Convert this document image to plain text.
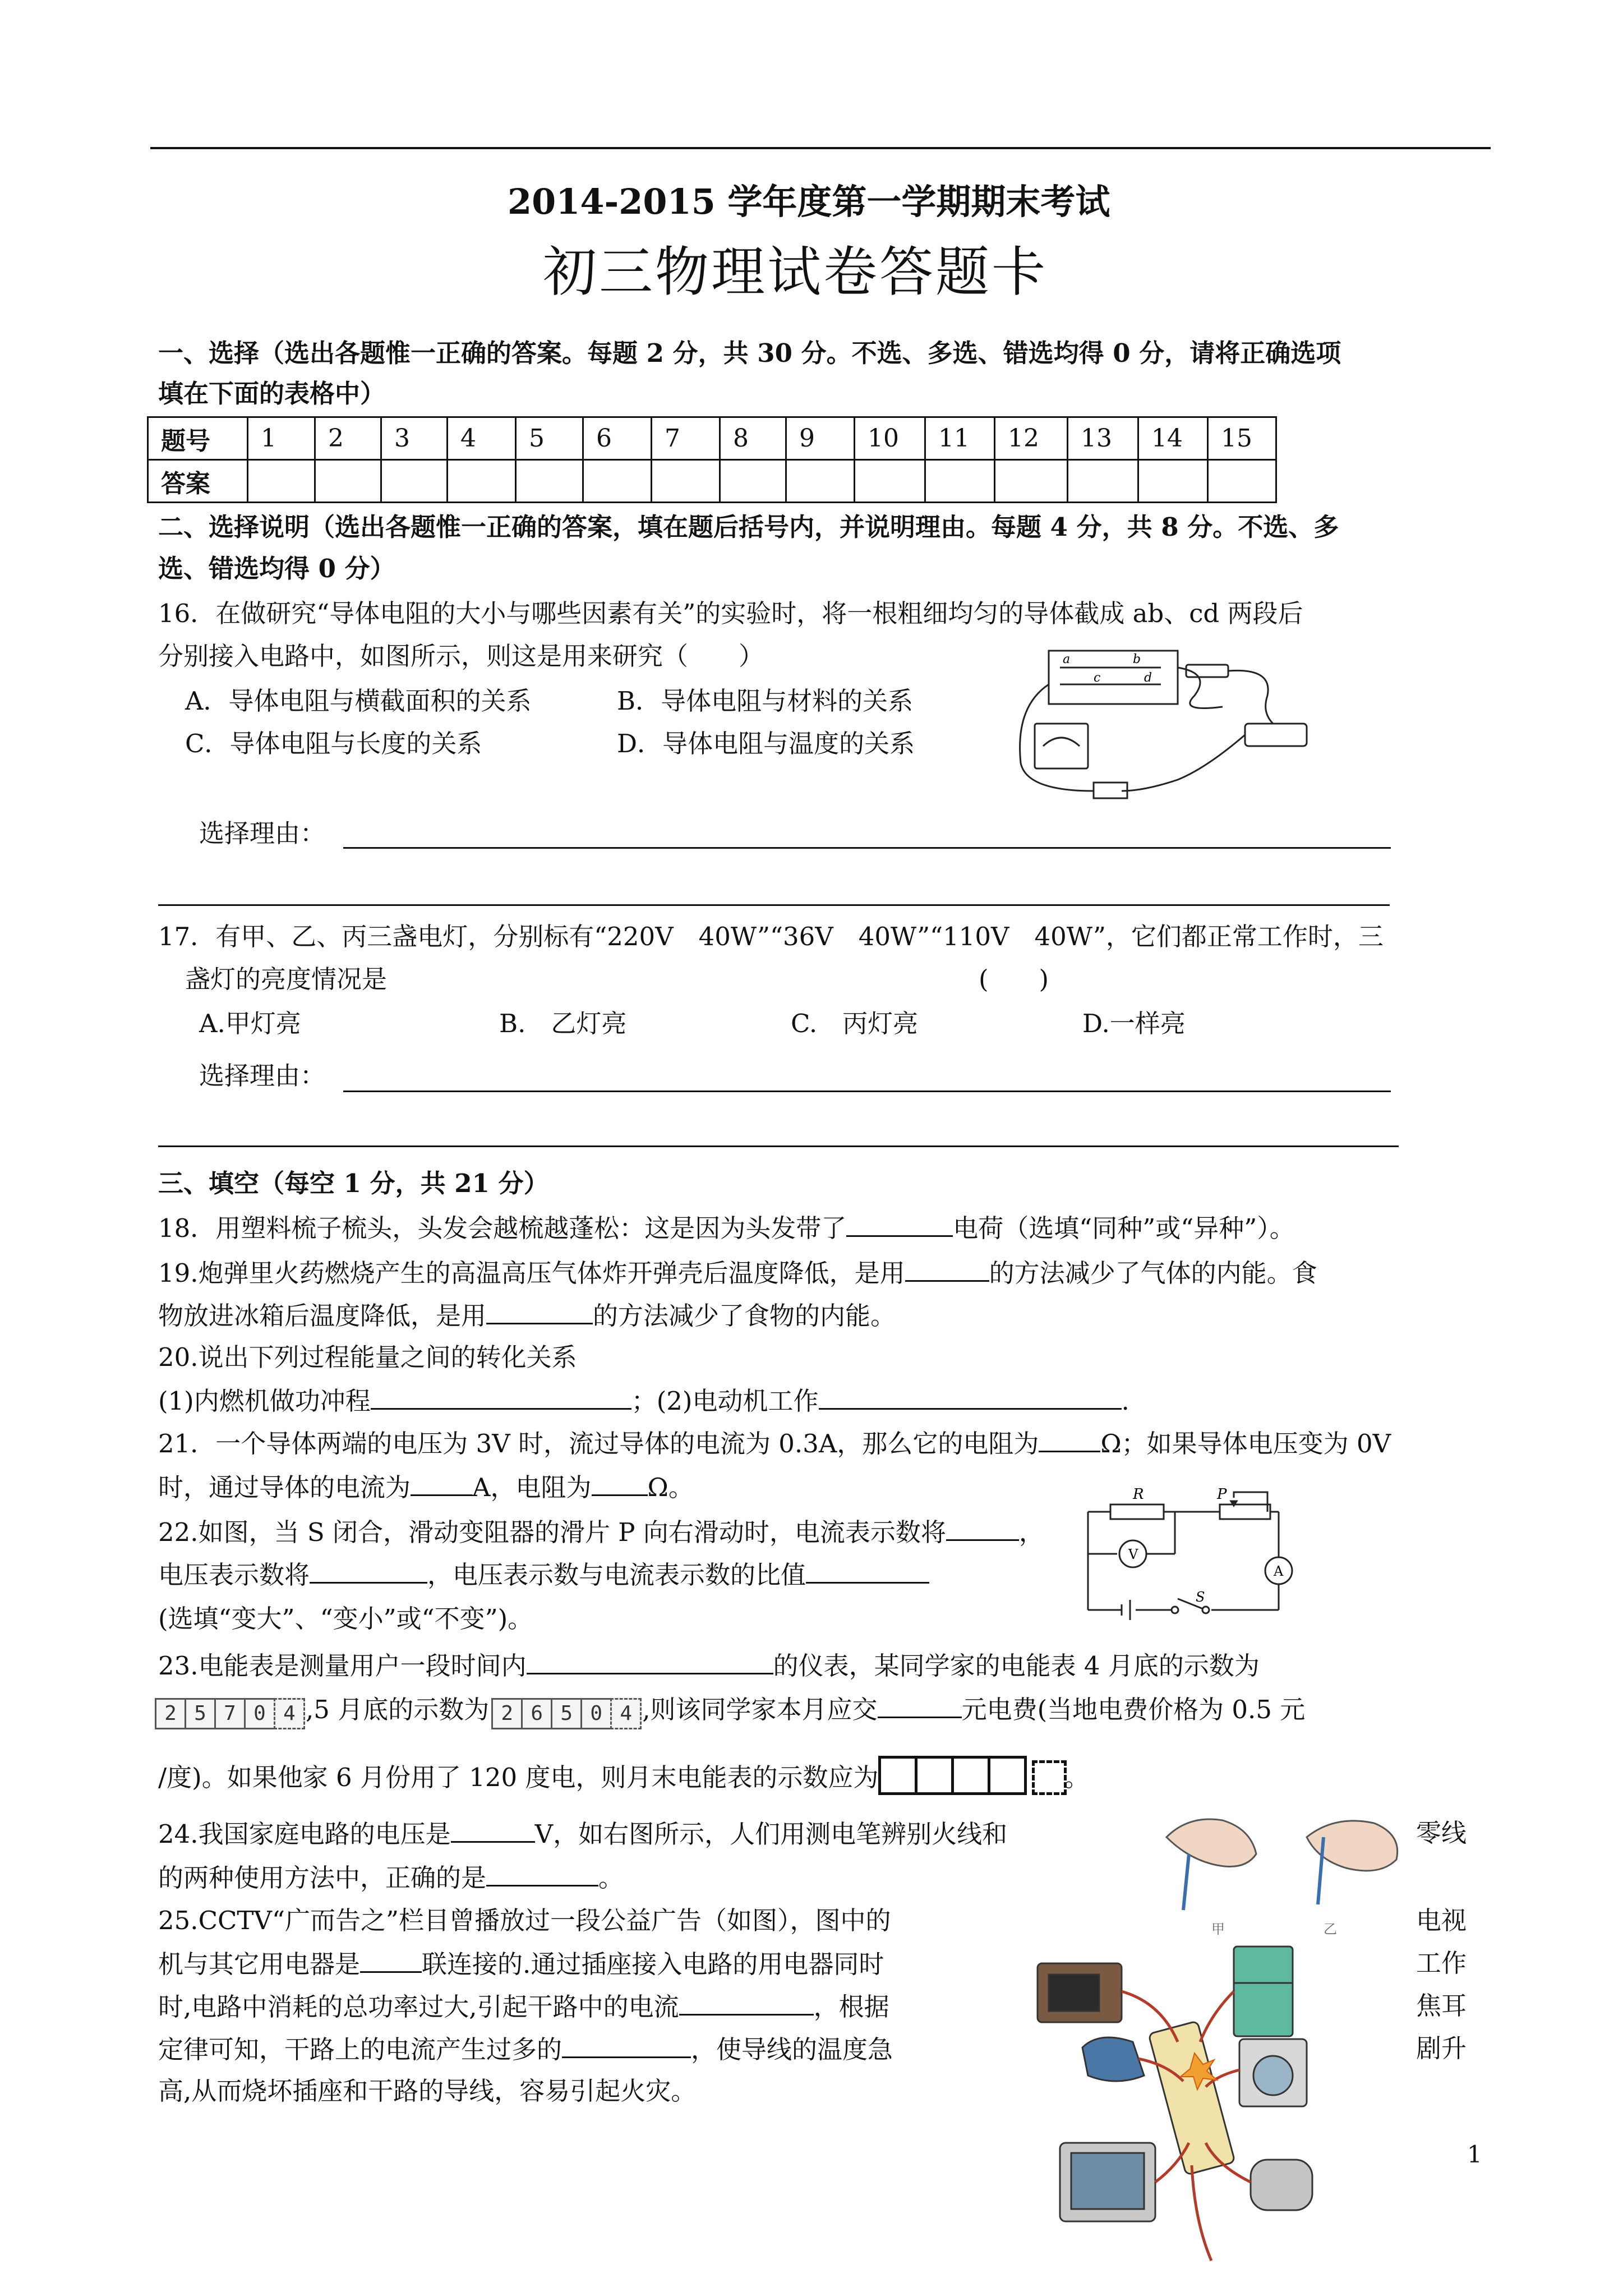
2014-2015 学年度第一学期期末考试
初三物理试卷答题卡
一、选择（选出各题惟一正确的答案。每题 2 分，共 30 分。不选、多选、错选均得 0 分，请将正确选项
填在下面的表格中）
题号	1	2	3	4	5	6	7	8	9	10	11	12	13	14	15
答案															
二、选择说明（选出各题惟一正确的答案，填在题后括号内，并说明理由。每题 4 分，共 8 分。不选、多
选、错选均得 0 分）
16．在做研究“导体电阻的大小与哪些因素有关”的实验时，将一根粗细均匀的导体截成 ab、cd 两段后
分别接入电路中，如图所示，则这是用来研究（　　）
A．导体电阻与横截面积的关系	B．导体电阻与材料的关系
C．导体电阻与长度的关系	D．导体电阻与温度的关系
选择理由：
a	b
c	d
17．有甲、乙、丙三盏电灯，分别标有“220V　40W”“36V　40W”“110V　40W”，它们都正常工作时，三
盏灯的亮度情况是	(　　)
A.甲灯亮	B.　乙灯亮	C.　丙灯亮	D.一样亮
选择理由：
三、填空（每空 1 分，共 21 分）
18．用塑料梳子梳头，头发会越梳越蓬松：这是因为头发带了	电荷（选填“同种”或“异种”）。
19.炮弹里火药燃烧产生的高温高压气体炸开弹壳后温度降低，是用	的方法减少了气体的内能。食
物放进冰箱后温度降低，是用	的方法减少了食物的内能。
20.说出下列过程能量之间的转化关系
(1)内燃机做功冲程	；(2)电动机工作	.
21．一个导体两端的电压为 3V 时，流过导体的电流为 0.3A，那么它的电阻为 Ω；如果导体电压变为 0V
时，通过导体的电流为 A，电阻为 Ω。
22.如图，当 S 闭合，滑动变阻器的滑片 P 向右滑动时，电流表示数将	，
电压表示数将	，电压表示数与电流表示数的比值
(选填“变大”、“变小”或“不变”)。
R	P
V
A
S
23.电能表是测量用户一段时间内	的仪表，某同学家的电能表 4 月底的示数为
2 5 7 0 4 ,5 月底的示数为 2 6 5 0 4 ,则该同学家本月应交	元电费(当地电费价格为 0.5 元
/度)。如果他家 6 月份用了 120 度电，则月末电能表的示数应为	。
24.我国家庭电路的电压是	V，如右图所示，人们用测电笔辨别火线和	零线
的两种使用方法中，正确的是	。
甲	乙
25.CCTV“广而告之”栏目曾播放过一段公益广告（如图），图中的	电视
机与其它用电器是 联连接的.通过插座接入电路的用电器同时	工作
时,电路中消耗的总功率过大,引起干路中的电流	，根据	焦耳
定律可知，干路上的电流产生过多的	，使导线的温度急	剧升
高,从而烧坏插座和干路的导线，容易引起火灾。
1
